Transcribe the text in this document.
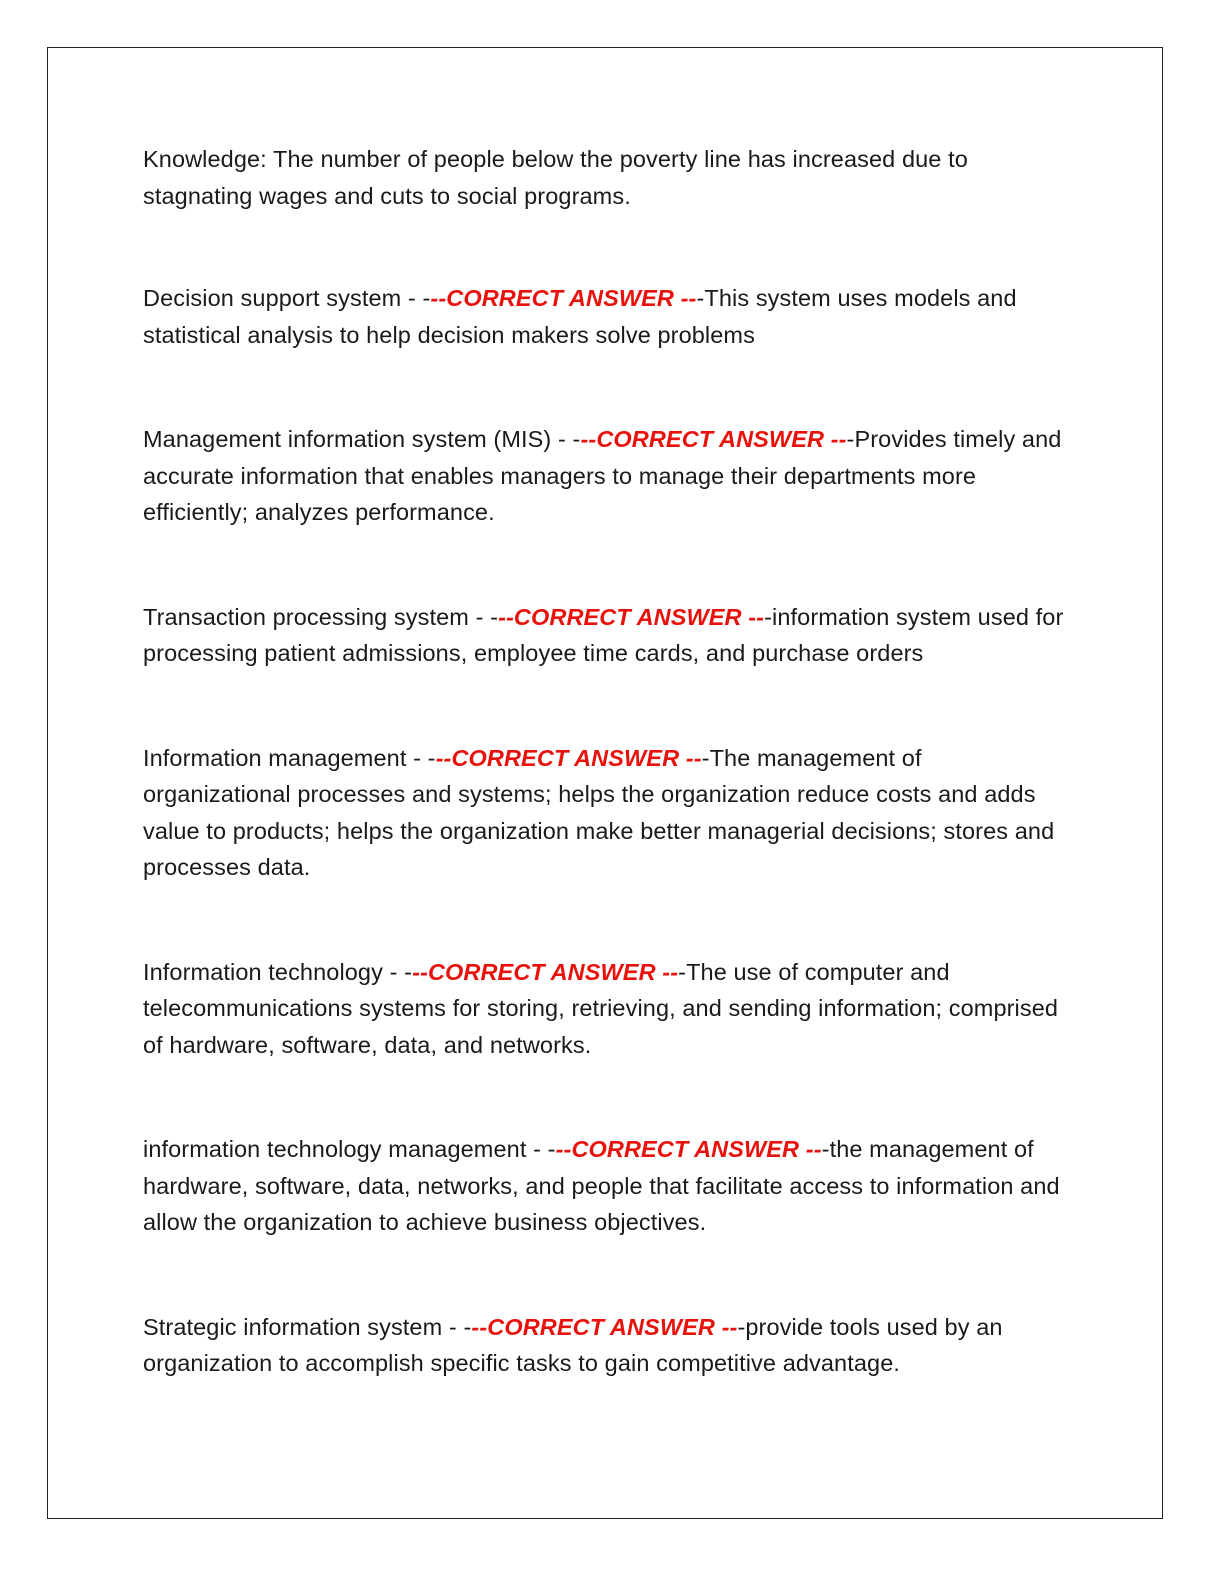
Knowledge: The number of people below the poverty line has increased due to stagnating wages and cuts to social programs.

Decision support system - ---CORRECT ANSWER ---This system uses models and statistical analysis to help decision makers solve problems

Management information system (MIS) - ---CORRECT ANSWER ---Provides timely and accurate information that enables managers to manage their departments more efficiently; analyzes performance.

Transaction processing system - ---CORRECT ANSWER ---information system used for processing patient admissions, employee time cards, and purchase orders

Information management - ---CORRECT ANSWER ---The management of organizational processes and systems; helps the organization reduce costs and adds value to products; helps the organization make better managerial decisions; stores and processes data.

Information technology - ---CORRECT ANSWER ---The use of computer and telecommunications systems for storing, retrieving, and sending information; comprised of hardware, software, data, and networks.

information technology management - ---CORRECT ANSWER ---the management of hardware, software, data, networks, and people that facilitate access to information and allow the organization to achieve business objectives.

Strategic information system - ---CORRECT ANSWER ---provide tools used by an organization to accomplish specific tasks to gain competitive advantage.
